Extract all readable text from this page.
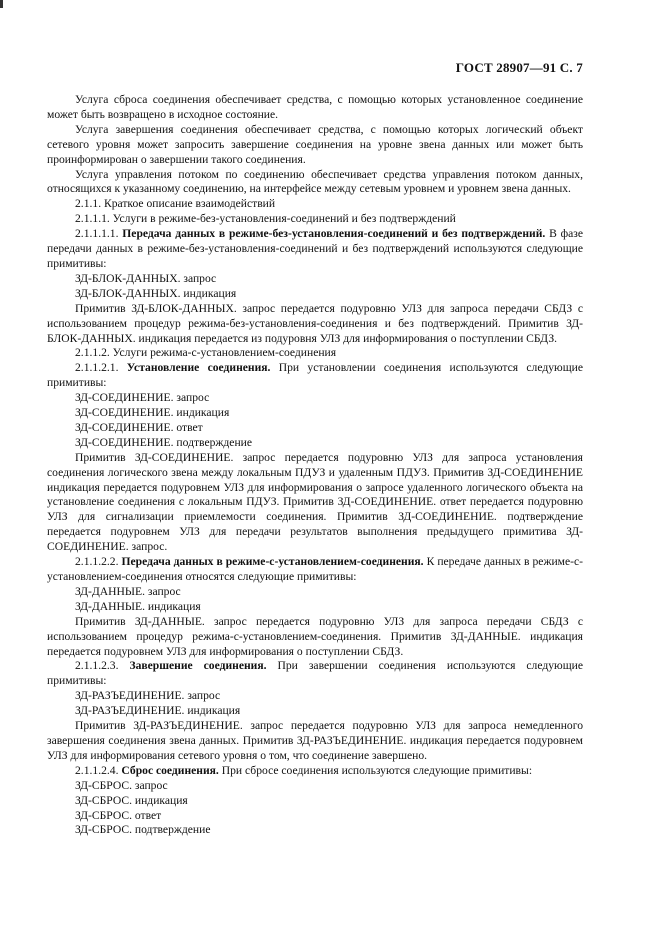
ГОСТ 28907—91 С. 7

Услуга сброса соединения обеспечивает средства, с помощью которых установленное соединение может быть возвращено в исходное состояние.

Услуга завершения соединения обеспечивает средства, с помощью которых логический объект сетевого уровня может запросить завершение соединения на уровне звена данных или может быть проинформирован о завершении такого соединения.

Услуга управления потоком по соединению обеспечивает средства управления потоком данных, относящихся к указанному соединению, на интерфейсе между сетевым уровнем и уровнем звена данных.

2.1.1. Краткое описание взаимодействий

2.1.1.1. Услуги в режиме-без-установления-соединений и без подтверждений

2.1.1.1.1. Передача данных в режиме-без-установления-соединений и без подтверждений. В фазе передачи данных в режиме-без-установления-соединений и без подтверждений используются следующие примитивы:

ЗД-БЛОК-ДАННЫХ. запрос

ЗД-БЛОК-ДАННЫХ. индикация

Примитив ЗД-БЛОК-ДАННЫХ. запрос передается подуровню УЛЗ для запроса передачи СБДЗ с использованием процедур режима-без-установления-соединения и без подтверждений. Примитив ЗД-БЛОК-ДАННЫХ. индикация передается из подуровня УЛЗ для информирования о поступлении СБДЗ.

2.1.1.2. Услуги режима-с-установлением-соединения

2.1.1.2.1. Установление соединения. При установлении соединения используются следующие примитивы:

ЗД-СОЕДИНЕНИЕ. запрос

ЗД-СОЕДИНЕНИЕ. индикация

ЗД-СОЕДИНЕНИЕ. ответ

ЗД-СОЕДИНЕНИЕ. подтверждение

Примитив ЗД-СОЕДИНЕНИЕ. запрос передается подуровню УЛЗ для запроса установления соединения логического звена между локальным ПДУЗ и удаленным ПДУЗ. Примитив ЗД-СОЕДИНЕНИЕ индикация передается подуровнем УЛЗ для информирования о запросе удаленного логического объекта на установление соединения с локальным ПДУЗ. Примитив ЗД-СОЕДИНЕНИЕ. ответ передается подуровню УЛЗ для сигнализации приемлемости соединения. Примитив ЗД-СОЕДИНЕНИЕ. подтверждение передается подуровнем УЛЗ для передачи результатов выполнения предыдущего примитива ЗД-СОЕДИНЕНИЕ. запрос.

2.1.1.2.2. Передача данных в режиме-с-установлением-соединения. К передаче данных в режиме-с-установлением-соединения относятся следующие примитивы:

ЗД-ДАННЫЕ. запрос

ЗД-ДАННЫЕ. индикация

Примитив ЗД-ДАННЫЕ. запрос передается подуровню УЛЗ для запроса передачи СБДЗ с использованием процедур режима-с-установлением-соединения. Примитив ЗД-ДАННЫЕ. индикация передается подуровнем УЛЗ для информирования о поступлении СБДЗ.

2.1.1.2.3. Завершение соединения. При завершении соединения используются следующие примитивы:

ЗД-РАЗЪЕДИНЕНИЕ. запрос

ЗД-РАЗЪЕДИНЕНИЕ. индикация

Примитив ЗД-РАЗЪЕДИНЕНИЕ. запрос передается подуровню УЛЗ для запроса немедленного завершения соединения звена данных. Примитив ЗД-РАЗЪЕДИНЕНИЕ. индикация передается подуровнем УЛЗ для информирования сетевого уровня о том, что соединение завершено.

2.1.1.2.4. Сброс соединения. При сбросе соединения используются следующие примитивы:

ЗД-СБРОС. запрос

ЗД-СБРОС. индикация

ЗД-СБРОС. ответ

ЗД-СБРОС. подтверждение
